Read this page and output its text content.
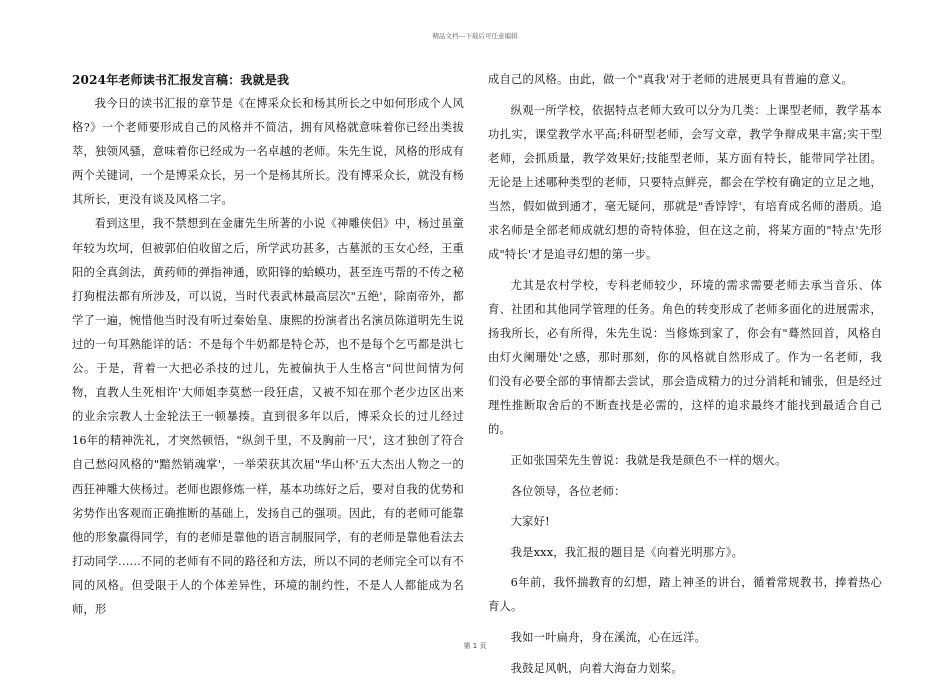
精品文档---下载后可任意编辑
2024年老师读书汇报发言稿：我就是我

我今日的读书汇报的章节是《在博采众长和杨其所长之中如何形成个人风格?》一个老师要形成自己的风格并不简洁，拥有风格就意味着你已经出类拔萃，独领风骚，意味着你已经成为一名卓越的老师。朱先生说，风格的形成有两个关键词，一个是博采众长，另一个是杨其所长。没有博采众长，就没有杨其所长，更没有谈及风格二字。

看到这里，我不禁想到在金庸先生所著的小说《神雕侠侣》中，杨过虽童年较为坎坷，但被郭伯伯收留之后，所学武功甚多，古墓派的玉女心经，王重阳的全真剑法，黄药师的弹指神通，欧阳锋的蛤蟆功，甚至连丐帮的不传之秘打狗棍法都有所涉及，可以说，当时代表武林最高层次"五绝'，除南帝外，都学了一遍，惋惜他当时没有听过秦始皇、康熙的扮演者出名演员陈道明先生说过的一句耳熟能详的话：不是每个牛奶都是特仑苏，也不是每个乞丐都是洪七公。于是，背着一大把必杀技的过儿，先被偏执于人生格言"问世间情为何物，直教人生死相许'大师姐李莫愁一段狂虐，又被不知在那个老少边区出来的业余宗教人士金轮法王一顿暴揍。直到很多年以后，博采众长的过儿经过16年的精神洗礼，才突然顿悟，"纵剑千里，不及胸前一尺'，这才独创了符合自己愁闷风格的"黯然销魂掌'，一举荣获其次届"华山杯'五大杰出人物之一的西狂神雕大侠杨过。老师也跟修炼一样，基本功练好之后，要对自我的优势和劣势作出客观而正确推断的基础上，发扬自己的强项。因此，有的老师可能靠他的形象赢得同学，有的老师是靠他的语言制服同学，有的老师是靠他看法去打动同学......不同的老师有不同的路径和方法，所以不同的老师完全可以有不同的风格。但受限于人的个体差异性，环境的制约性，不是人人都能成为名师，形

成自己的风格。由此，做一个"真我'对于老师的进展更具有普遍的意义。

纵观一所学校，依据特点老师大致可以分为几类：上课型老师，教学基本功扎实，课堂教学水平高;科研型老师，会写文章，教学争辩成果丰富;实干型老师，会抓质量，教学效果好;技能型老师，某方面有特长，能带同学社团。无论是上述哪种类型的老师，只要特点鲜亮，都会在学校有确定的立足之地，当然，假如做到通才，毫无疑问，那就是"香饽饽'，有培育成名师的潜质。追求名师是全部老师成就幻想的奇特体验，但在这之前，将某方面的"特点'先形成"特长'才是追寻幻想的第一步。

尤其是农村学校，专科老师较少，环境的需求需要老师去承当音乐、体育、社团和其他同学管理的任务。角色的转变形成了老师多面化的进展需求，扬我所长，必有所得，朱先生说：当修炼到家了，你会有"蓦然回首，风格自由灯火阑珊处'之感，那时那刻，你的风格就自然形成了。作为一名老师，我们没有必要全部的事情都去尝试，那会造成精力的过分消耗和铺张，但是经过理性推断取舍后的不断查找是必需的，这样的追求最终才能找到最适合自己的。

正如张国荣先生曾说：我就是我是颜色不一样的烟火。

各位领导，各位老师：

大家好!

我是xxx，我汇报的题目是《向着光明那方》。

6年前，我怀揣教育的幻想，踏上神圣的讲台，循着常规教书，捧着热心育人。

我如一叶扁舟，身在溪流，心在远洋。

我鼓足风帆，向着大海奋力划桨。

第 1 页
